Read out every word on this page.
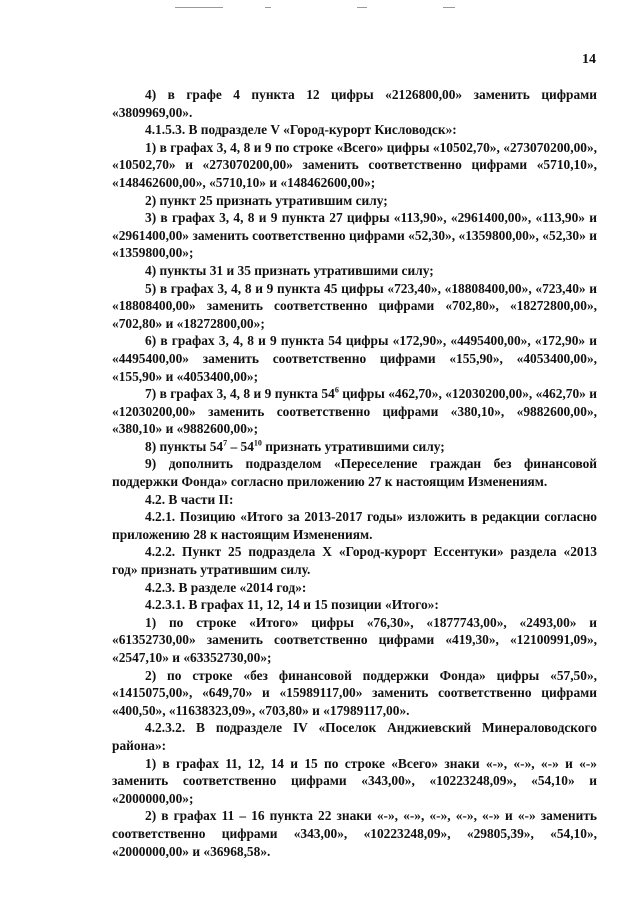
14

4) в графе 4 пункта 12 цифры «2126800,00» заменить цифрами «3809969,00».

4.1.5.3. В подразделе V «Город-курорт Кисловодск»:

1) в графах 3, 4, 8 и 9 по строке «Всего» цифры «10502,70», «273070200,00», «10502,70» и «273070200,00» заменить соответственно цифрами «5710,10», «148462600,00», «5710,10» и «148462600,00»;

2) пункт 25 признать утратившим силу;

3) в графах 3, 4, 8 и 9 пункта 27 цифры «113,90», «2961400,00», «113,90» и «2961400,00» заменить соответственно цифрами «52,30», «1359800,00», «52,30» и «1359800,00»;

4) пункты 31 и 35 признать утратившими силу;

5) в графах 3, 4, 8 и 9 пункта 45 цифры «723,40», «18808400,00», «723,40» и «18808400,00» заменить соответственно цифрами «702,80», «18272800,00», «702,80» и «18272800,00»;

6) в графах 3, 4, 8 и 9 пункта 54 цифры «172,90», «4495400,00», «172,90» и «4495400,00» заменить соответственно цифрами «155,90», «4053400,00», «155,90» и «4053400,00»;

7) в графах 3, 4, 8 и 9 пункта $54^6$ цифры «462,70», «12030200,00», «462,70» и «12030200,00» заменить соответственно цифрами «380,10», «9882600,00», «380,10» и «9882600,00»;

8) пункты $54^7 - 54^{10}$ признать утратившими силу;

9) дополнить подразделом «Переселение граждан без финансовой поддержки Фонда» согласно приложению 27 к настоящим Изменениям.

4.2. В части II:

4.2.1. Позицию «Итого за 2013-2017 годы» изложить в редакции согласно приложению 28 к настоящим Изменениям.

4.2.2. Пункт 25 подраздела X «Город-курорт Ессентуки» раздела «2013 год» признать утратившим силу.

4.2.3. В разделе «2014 год»:

4.2.3.1. В графах 11, 12, 14 и 15 позиции «Итого»:

1) по строке «Итого» цифры «76,30», «1877743,00», «2493,00» и «61352730,00» заменить соответственно цифрами «419,30», «12100991,09», «2547,10» и «63352730,00»;

2) по строке «без финансовой поддержки Фонда» цифры «57,50», «1415075,00», «649,70» и «15989117,00» заменить соответственно цифрами «400,50», «11638323,09», «703,80» и «17989117,00».

4.2.3.2. В подразделе IV «Поселок Анджиевский Минераловодского района»:

1) в графах 11, 12, 14 и 15 по строке «Всего» знаки «-», «-», «-» и «-» заменить соответственно цифрами «343,00», «10223248,09», «54,10» и «2000000,00»;

2) в графах 11 – 16 пункта 22 знаки «-», «-», «-», «-», «-» и «-» заменить соответственно цифрами «343,00», «10223248,09», «29805,39», «54,10», «2000000,00» и «36968,58».
